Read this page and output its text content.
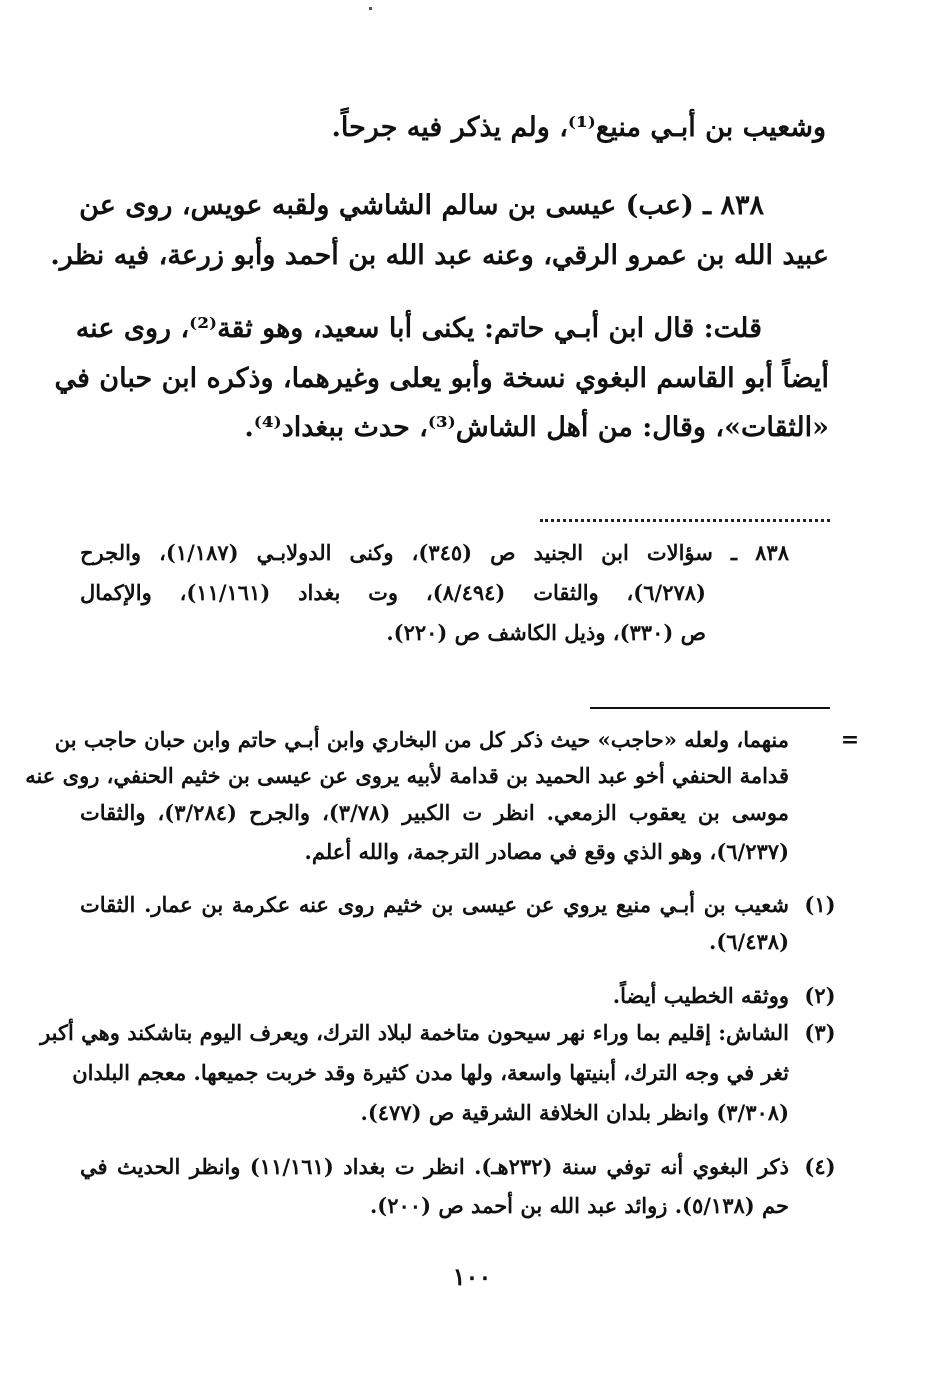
وشعيب بن أبـي منيع⁽¹⁾، ولم يذكر فيه جرحاً.
٨٣٨ ـ (عب) عيسى بن سالم الشاشي ولقبه عويس، روى عن
عبيد الله بن عمرو الرقي، وعنه عبد الله بن أحمد وأبو زرعة، فيه نظر.
قلت: قال ابن أبـي حاتم: يكنى أبا سعيد، وهو ثقة⁽²⁾، روى عنه
أيضاً أبو القاسم البغوي نسخة وأبو يعلى وغيرهما، وذكره ابن حبان في
«الثقات»، وقال: من أهل الشاش⁽³⁾، حدث ببغداد⁽⁴⁾.
٨٣٨ ـ سؤالات ابن الجنيد ص (٣٤٥)، وكنى الدولابـي (١/١٨٧)، والجرح
(٦/٢٧٨)، والثقات (٨/٤٩٤)، وت بغداد (١١/١٦١)، والإكمال
ص (٣٣٠)، وذيل الكاشف ص (٢٢٠).
=
منهما، ولعله «حاجب» حيث ذكر كل من البخاري وابن أبـي حاتم وابن حبان حاجب بن
قدامة الحنفي أخو عبد الحميد بن قدامة لأبيه يروى عن عيسى بن خثيم الحنفي، روى عنه
موسى بن يعقوب الزمعي. انظر ت الكبير (٣/٧٨)، والجرح (٣/٢٨٤)، والثقات
(٦/٢٣٧)، وهو الذي وقع في مصادر الترجمة، والله أعلم.
(١)
شعيب بن أبـي منيع يروي عن عيسى بن خثيم روى عنه عكرمة بن عمار. الثقات
(٦/٤٣٨).
(٢)
ووثقه الخطيب أيضاً.
(٣)
الشاش: إقليم بما وراء نهر سيحون متاخمة لبلاد الترك، ويعرف اليوم بتاشكند وهي أكبر
ثغر في وجه الترك، أبنيتها واسعة، ولها مدن كثيرة وقد خربت جميعها. معجم البلدان
(٣/٣٠٨) وانظر بلدان الخلافة الشرقية ص (٤٧٧).
(٤)
ذكر البغوي أنه توفي سنة (٢٣٢هـ). انظر ت بغداد (١١/١٦١) وانظر الحديث في
حم (٥/١٣٨). زوائد عبد الله بن أحمد ص (٢٠٠).
١٠٠
